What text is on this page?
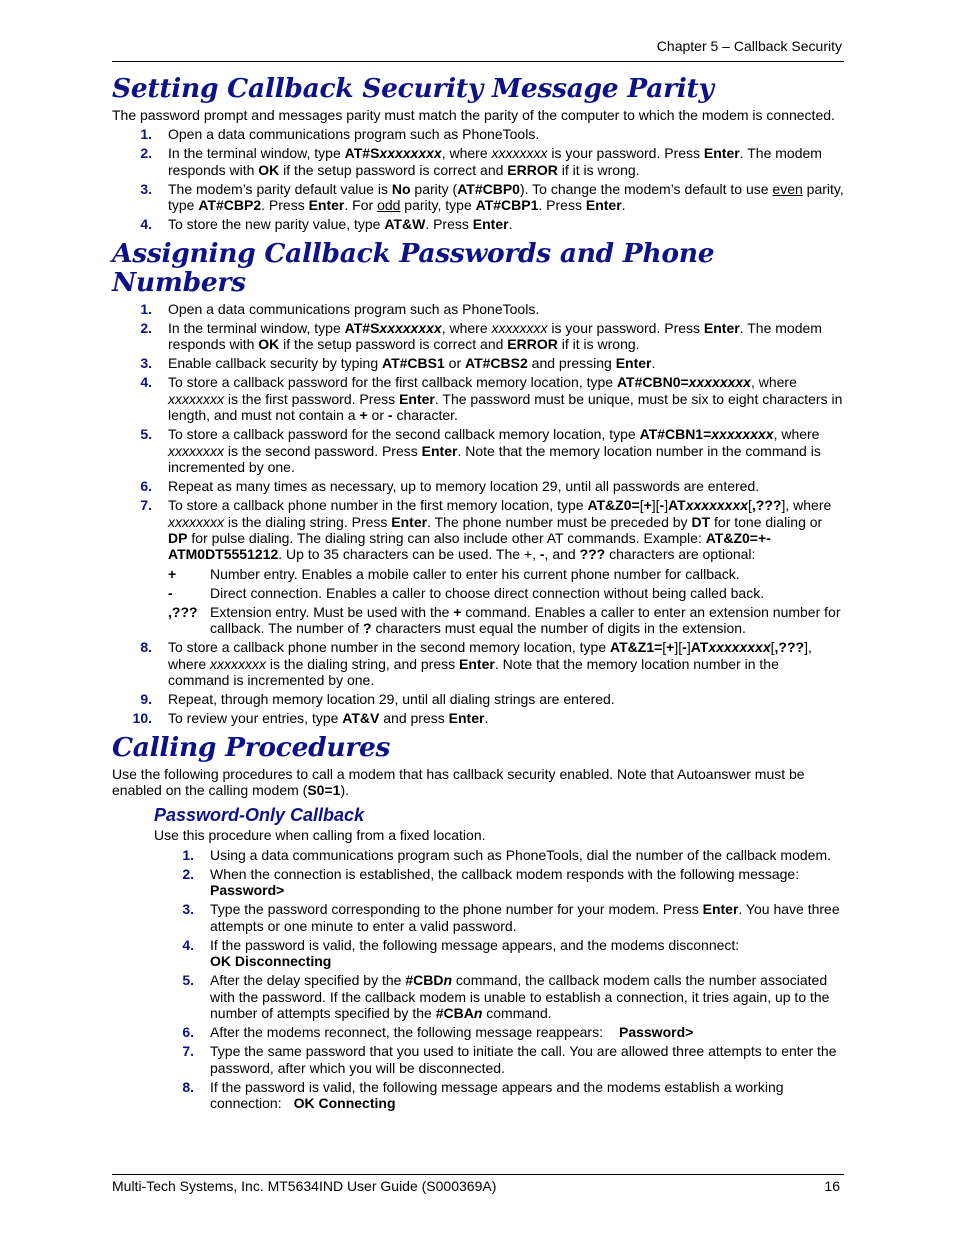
Chapter 5 – Callback Security
Setting Callback Security Message Parity

The password prompt and messages parity must match the parity of the computer to which the modem is connected.

1. Open a data communications program such as PhoneTools.
2. In the terminal window, type AT#Sxxxxxxxx, where xxxxxxxx is your password. Press Enter. The modem responds with OK if the setup password is correct and ERROR if it is wrong.
3. The modem’s parity default value is No parity (AT#CBP0). To change the modem’s default to use even parity, type AT#CBP2. Press Enter. For odd parity, type AT#CBP1. Press Enter.
4. To store the new parity value, type AT&W. Press Enter.
Assigning Callback Passwords and Phone Numbers
1. Open a data communications program such as PhoneTools.
2. In the terminal window, type AT#Sxxxxxxxx, where xxxxxxxx is your password. Press Enter. The modem responds with OK if the setup password is correct and ERROR if it is wrong.
3. Enable callback security by typing AT#CBS1 or AT#CBS2 and pressing Enter.
4. To store a callback password for the first callback memory location, type AT#CBN0=xxxxxxxx, where xxxxxxxx is the first password. Press Enter. The password must be unique, must be six to eight characters in length, and must not contain a + or - character.
5. To store a callback password for the second callback memory location, type AT#CBN1=xxxxxxxx, where xxxxxxxx is the second password. Press Enter. Note that the memory location number in the command is incremented by one.
6. Repeat as many times as necessary, up to memory location 29, until all passwords are entered.
7. To store a callback phone number in the first memory location, type AT&Z0=[+][-]ATxxxxxxxx[,???], where xxxxxxxx is the dialing string. Press Enter. The phone number must be preceded by DT for tone dialing or DP for pulse dialing. The dialing string can also include other AT commands. Example: AT&Z0=+-ATM0DT5551212. Up to 35 characters can be used. The +, -, and ??? characters are optional:
+ Number entry. Enables a mobile caller to enter his current phone number for callback.
-	Direct connection. Enables a caller to choose direct connection without being called back.
,??? Extension entry. Must be used with the + command. Enables a caller to enter an extension number for callback. The number of ? characters must equal the number of digits in the extension.
8. To store a callback phone number in the second memory location, type AT&Z1=[+][-]ATxxxxxxxx[,???], where xxxxxxxx is the dialing string, and press Enter. Note that the memory location number in the command is incremented by one.
9. Repeat, through memory location 29, until all dialing strings are entered.
10. To review your entries, type AT&V and press Enter.
Calling Procedures

Use the following procedures to call a modem that has callback security enabled. Note that Autoanswer must be enabled on the calling modem (S0=1).

Password-Only Callback

Use this procedure when calling from a fixed location.

1. Using a data communications program such as PhoneTools, dial the number of the callback modem.
2. When the connection is established, the callback modem responds with the following message:
Password>
3. Type the password corresponding to the phone number for your modem. Press Enter. You have three attempts or one minute to enter a valid password.
4. If the password is valid, the following message appears, and the modems disconnect:
OK Disconnecting
5. After the delay specified by the #CBDn command, the callback modem calls the number associated with the password. If the callback modem is unable to establish a connection, it tries again, up to the number of attempts specified by the #CBAn command.
6. After the modems reconnect, the following message reappears: Password>
7. Type the same password that you used to initiate the call. You are allowed three attempts to enter the password, after which you will be disconnected.
8. If the password is valid, the following message appears and the modems establish a working connection: OK Connecting
Multi-Tech Systems, Inc. MT5634IND User Guide (S000369A)	16
